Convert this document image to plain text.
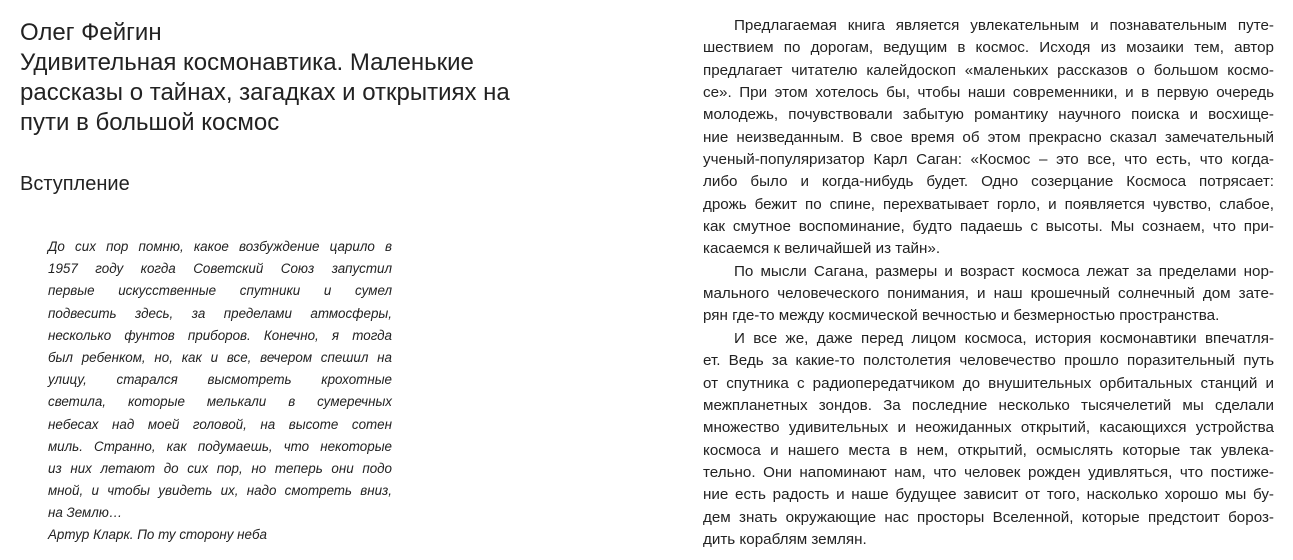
Олег Фейгин
Удивительная космонавтика. Маленькие
рассказы о тайнах, загадках и открытиях на
пути в большой космос
Вступление
До сих пор помню, какое возбуждение царило в
1957 году когда Советский Союз запустил
первые искусственные спутники и сумел
подвесить здесь, за пределами атмосферы,
несколько фунтов приборов. Конечно, я тогда
был ребенком, но, как и все, вечером спешил на
улицу, старался высмотреть крохотные
светила, которые мелькали в сумеречных
небесах над моей головой, на высоте сотен
миль. Странно, как подумаешь, что некоторые
из них летают до сих пор, но теперь они подо
мной, и чтобы увидеть их, надо смотреть вниз,
на Землю…
Артур Кларк. По ту сторону неба
Предлагаемая книга является увлекательным и познавательным путе-
шествием по дорогам, ведущим в космос. Исходя из мозаики тем, автор
предлагает читателю калейдоскоп «маленьких рассказов о большом космо-
се». При этом хотелось бы, чтобы наши современники, и в первую очередь
молодежь, почувствовали забытую романтику научного поиска и восхище-
ние неизведанным. В свое время об этом прекрасно сказал замечательный
ученый-популяризатор Карл Саган: «Космос – это все, что есть, что когда-
либо было и когда-нибудь будет. Одно созерцание Космоса потрясает:
дрожь бежит по спине, перехватывает горло, и появляется чувство, слабое,
как смутное воспоминание, будто падаешь с высоты. Мы сознаем, что при-
касаемся к величайшей из тайн».
По мысли Сагана, размеры и возраст космоса лежат за пределами нор-
мального человеческого понимания, и наш крошечный солнечный дом зате-
рян где-то между космической вечностью и безмерностью пространства.
И все же, даже перед лицом космоса, история космонавтики впечатля-
ет. Ведь за какие-то полстолетия человечество прошло поразительный путь
от спутника с радиопередатчиком до внушительных орбитальных станций и
межпланетных зондов. За последние несколько тысячелетий мы сделали
множество удивительных и неожиданных открытий, касающихся устройства
космоса и нашего места в нем, открытий, осмыслять которые так увлека-
тельно. Они напоминают нам, что человек рожден удивляться, что постиже-
ние есть радость и наше будущее зависит от того, насколько хорошо мы бу-
дем знать окружающие нас просторы Вселенной, которые предстоит бороз-
дить кораблям землян.
